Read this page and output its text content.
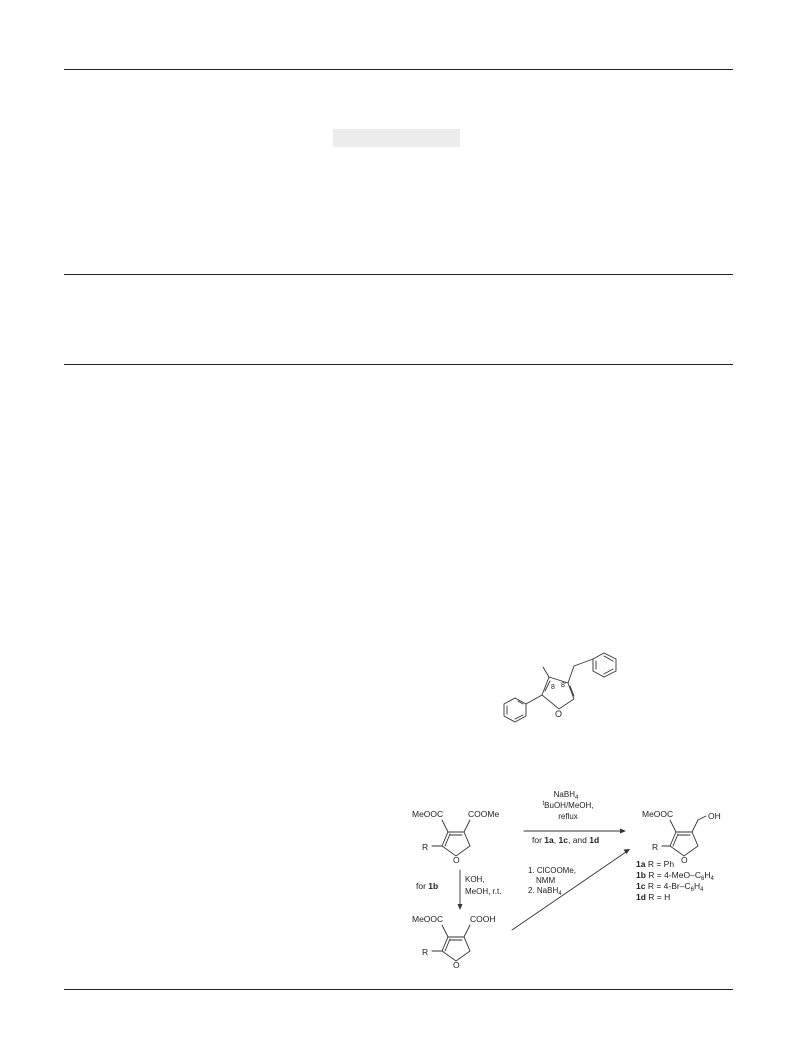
8 8'
O
MeOOC	COOMe
R
O
NaBH$_4$
$^t$BuOH/MeOH,
reflux
for 1a, 1c, and 1d
MeOOC	OH
R
O
1a R = Ph
1b $R = 4-MeO-C_6H_4$
1c $R = 4-Br-C_6H_4$
1d R = H
KOH,
MeOH, r.t.
for 1b
MeOOC	COOH
R
O
1. ClCOOMe,
NMM
2. NaBH$_4$
